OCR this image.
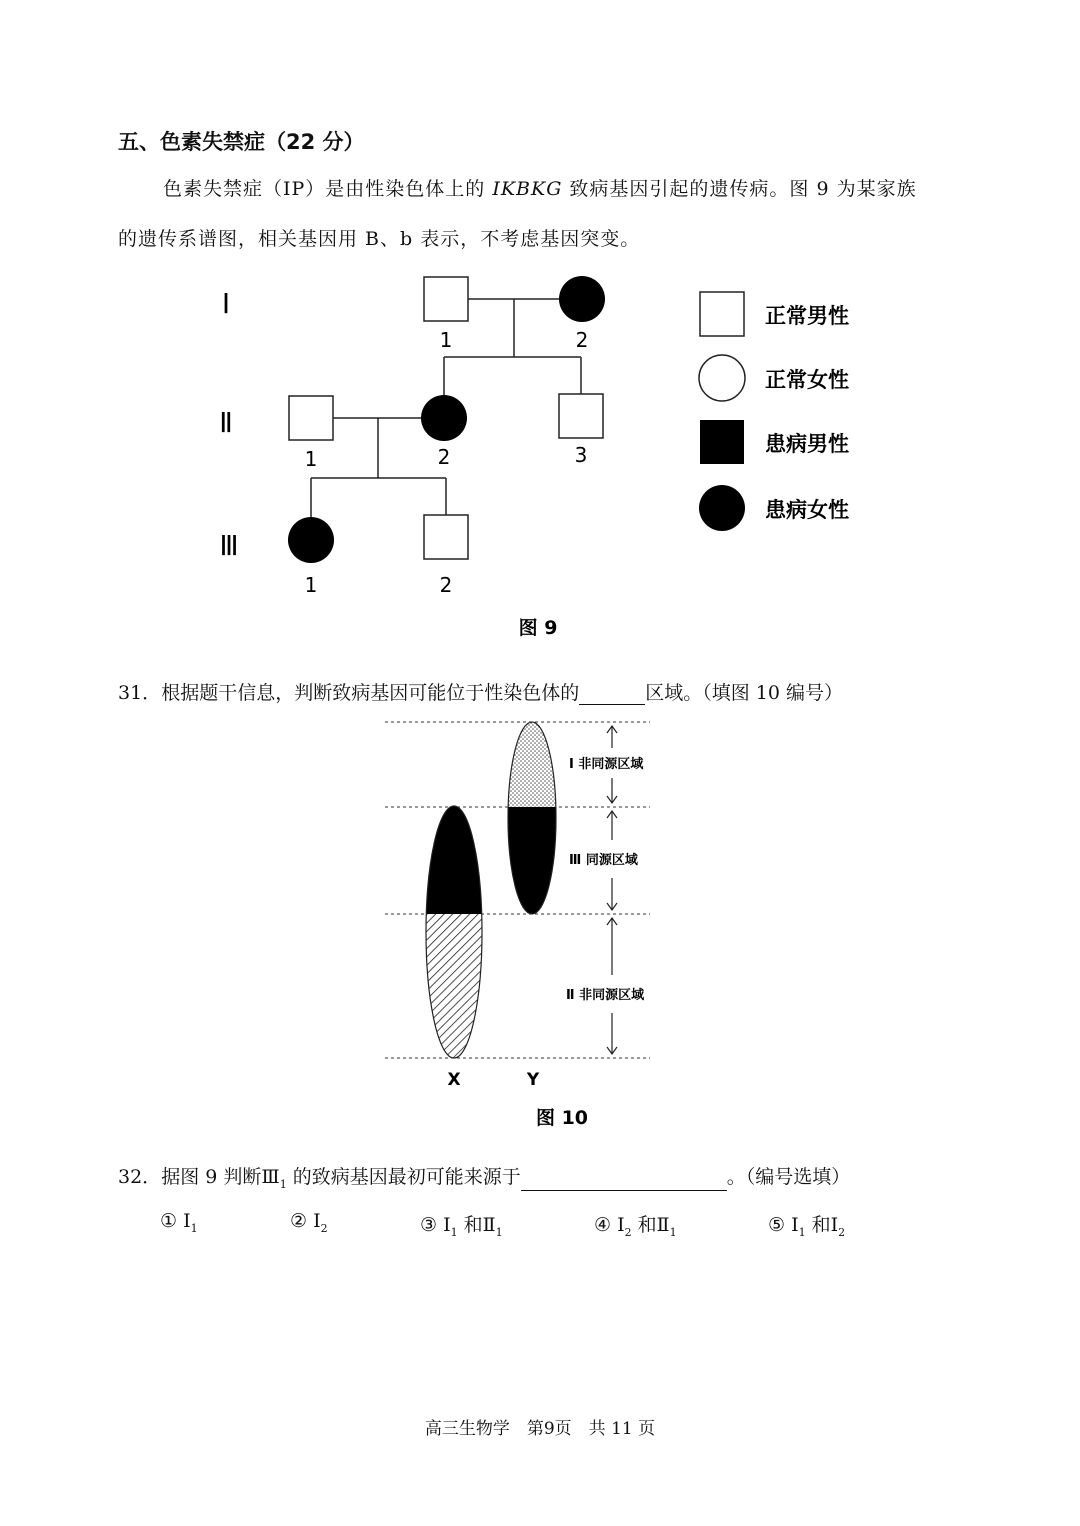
五、色素失禁症（22 分）
色素失禁症（IP）是由性染色体上的 IKBKG 致病基因引起的遗传病。图 9 为某家族
的遗传系谱图，相关基因用 B、b 表示，不考虑基因突变。
Ⅰ
Ⅱ
Ⅲ
1	2
1	2	3
1	2
正常男性
正常女性
患病男性
患病女性
图 9
31．根据题干信息，判断致病基因可能位于性染色体的	区域。（填图 10 编号）
Ⅰ 非同源区域
Ⅲ 同源区域
Ⅱ 非同源区域
X	Y
图 10
32．据图 9 判断$Ⅲ_1$ 的致病基因最初可能来源于	。（编号选填）
① $Ⅰ_1$	② $Ⅰ_2$	③ $Ⅰ_1$ 和$Ⅱ_1$	④ $Ⅰ_2$ 和$Ⅱ_1$	⑤ $Ⅰ_1$ 和$Ⅰ_2$
高三生物学　第9页　共 11 页
